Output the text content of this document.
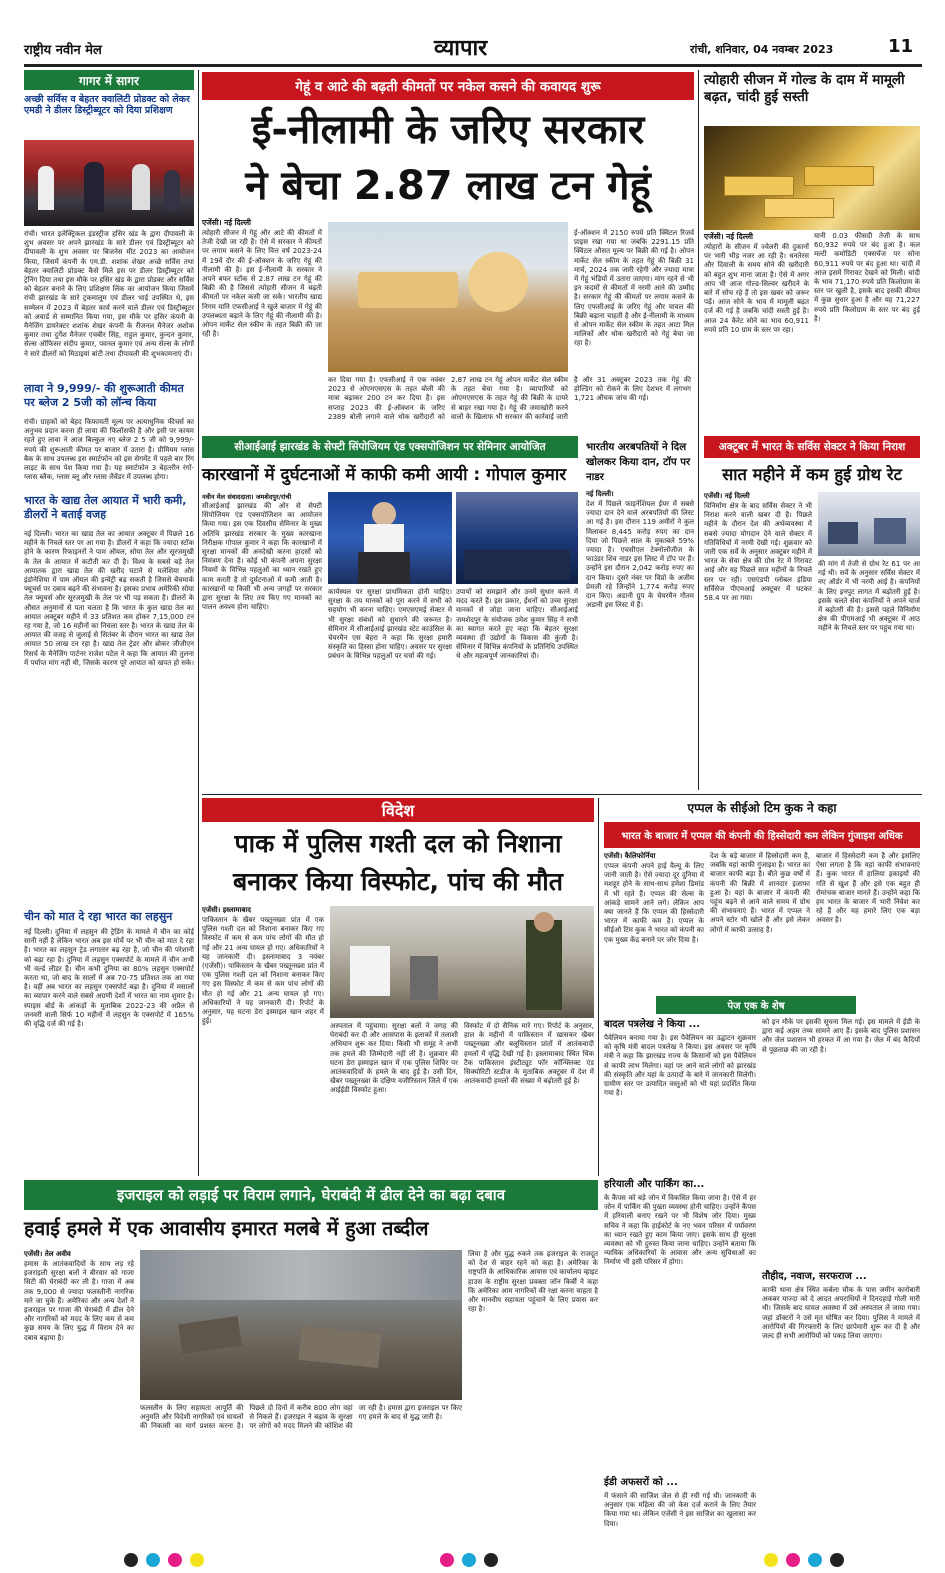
राष्ट्रीय नवीन मेल	व्यापार	रांची, शनिवार, 04 नवम्बर 2023	11
गागर में सागर
अच्छी सर्विस व बेहतर क्वालिटी प्रोडक्ट को लेकर एमडी ने डीलर डिस्ट्रीब्यूटर को दिया प्रशिक्षण
रांची। भारत इलेक्ट्रिकल इंडस्ट्रीज हसिर खंड के द्वारा दीपावली के शुभ अवसर पर अपने झारखंड के सारे डीलर एवं डिस्ट्रीब्यूटर को दीपावली के शुभ अवसर पर बिजनेस मीट 2023 का आयोजन किया, जिसमें कंपनी के एम.डी. शशांक शेखर अच्छे सर्विस तथा बेहतर क्वालिटी प्रोडक्ट कैसे मिले इस पर डीलर डिस्ट्रीब्यूटर को ट्रेनिंग दिया तथा इस मौके पर हसिर खंड के द्वारा प्रोडक्ट और सर्विस को बेहतर बनाने के लिए प्रशिक्षण लिंक का आयोजन किया जिसमें रांची झारखंड के सारे ट्रकमालूम एवं डीलर भाई उपस्थित थे, इस सम्मेलन में 2023 में बेहतर कार्य करने वाले डीलर एवं डिस्ट्रीब्यूटर को अवार्ड से सम्मानित किया गया, इस मौके पर हसिर कंपनी के मैनेजिंग डायरेक्टर शशांक शेखर कंपनी के रीजनल मैनेजर अशोक कुमार तथा दुर्गेश मैनेजर एचबीर सिंह, राहुल कुमार, कुन्दन कुमार, सेल्स ऑफिसर संदीप कुमार, पवनल कुमार एवं अन्य सेल्स के लोगों ने सारे डीलरों को मिठाइयां बांटी तथा दीपावली की शुभकामनाएं दी।
लावा ने 9,999/- की शुरूआती कीमत पर ब्लेज 2 5जी को लॉन्च किया
रांची। ग्राहकों को बेहद किफायती मूल्य पर अत्याधुनिक फीचर्स का अनुभव प्रदान करना ही लावा की फिलॉसफी है और इसी पर कायम रहते हुए लावा ने आज बिल्कुल नए ब्लेज 2 5 जी को 9,999/- रुपये की शुरूआती कीमत पर बाजार में उतारा है। प्रीमियम ग्लास बैक के साथ उपलब्ध इस स्मार्टफोन को इस सेगमेंट में पहले बार रिंग लाइट के साथ पेश किया गया है। यह स्मार्टफोन 3 बेहतरीन रंगों- ग्लास ब्लैक, ग्लास ब्लू और ग्लास लैवेंडर में उपलब्ध होगा।
भारत के खाद्य तेल आयात में भारी कमी, डीलरों ने बताई वजह
नई दिल्ली। भारत का खाद्य तेल का आयात अक्टूबर में पिछले 16 महीने के निचले स्तर पर आ गया है। डीलरों ने कहा कि ज्यादा स्टॉक होने के कारण रिफाइनरों ने पाम ऑयल, सोया तेल और सूरजमुखी के तेल के आयात में कटौती कर दी है। विश्व के सबसे बड़े तेल आयातक द्वारा खाद्य तेल की खरीद घटाने से मलेशिया और इंडोनेशिया में पाम ऑयल की इन्वेंट्री बढ़ सकती है जिससे बेंचमार्क फ्यूचर्स पर दबाव बढ़ने की संभावना है। इसका प्रभाव अमेरिकी सोया तेल फ्यूचर्स और सूरजमुखी के तेल पर भी पड़ सकता है। डीलरों के औसत अनुमानों से पता चलता है कि भारत के कुल खाद्य तेल का आयात अक्टूबर महीने में 33 प्रतिशत कम होकर 7,15,000 टन रह गया है, जो 16 महीनों का निचला स्तर है। भारत के खाद्य तेल के आयात की वजह से जुलाई से सितंबर के दौरान भारत का खाद्य तेल आयात 50 लाख टन रहा है। खाद्य तेल ट्रेडर और ब्रोकर जीजीएन रिसर्च के मैनेजिंग पार्टनर राजेश पटेल ने कहा कि आयात की तुलना में पर्याप्त मांग नहीं थी, जिसके कारण पूरे आयात को खपत हो सके।
चीन को मात दे रहा भारत का लहसुन
नई दिल्ली। दुनिया में लहसुन की ट्रेडिंग के मामले में चीन का कोई सानी नहीं है लेकिन भारत अब इस मोर्चे पर भी चीन को मात दे रहा है। भारत का लहसुन ट्रेड लगातार बढ़ रहा है, जो चीन की परेशानी को बढ़ा रहा है। दुनिया में लहसुन एक्सपोर्ट के मामले में चीन अभी भी वर्ल्ड लीडर है। चीन कभी दुनिया का 80% लहसुन एक्सपोर्ट करता था, जो बाद के सालों में अब 70-75 प्रतिशत तक आ गया है। वहीं अब भारत का लहसुन एक्सपोर्ट बढ़ा है। दुनिया में मसालों का व्यापार करने वाले सबसे अग्रणी देशों में भारत का नाम शुमार है। स्पाइस बोर्ड के आंकड़ों के मुताबिक 2022-23 की अप्रैल से जनवरी वाली सिर्फ 10 महीनों में लहसुन के एक्सपोर्ट में 165% की वृद्धि दर्ज की गई है।
गेहूं व आटे की बढ़ती कीमतों पर नकेल कसने की कवायद शुरू
ई-नीलामी के जरिए सरकार
ने बेचा 2.87 लाख टन गेहूं
एजेंसी। नई दिल्ली
त्योहारी सीजन में गेहूं और आटे की कीमतों में तेजी देखी जा रही है। ऐसे में सरकार ने कीमतों पर लगाम कसने के लिए वित्त वर्ष 2023-24 में 19वें दौर की ई-ऑक्शन के जरिए गेहूं की नीलामी की है। इस ई-नीलामी के सरकार ने अपने बफर स्टॉक से 2.87 लाख टन गेहूं की बिक्री की है जिससे त्योहारी सीजन में बढ़ती कीमतों पर नकेल कसी जा सके। भारतीय खाद्य निगम यानि एफसीआई ने खुले बाजार में गेहूं की उपलब्धता बढ़ाने के लिए गेहूं की नीलामी की है। ओपन मार्केट सेल स्कीम के तहत बिक्री की जा रही है।
कर दिया गया है। एफसीआई ने एक नवंबर 2023 से ओएमएसएस के तहत बोली की मात्रा बढ़ाकर 200 टन कर दिया है। इस सप्ताह 2023 की ई-ऑक्शन के जरिए 2389 बोली लगाने वाले थोक खरीदारों को 2.87 लाख टन गेहूं ओपन मार्केट सेल स्कीम के तहत बेचा गया है। व्यापारियों को ओएमएसएस के तहत गेहूं की बिक्री के दायरे से बाहर रखा गया है। गेहूं की जमाखोरी करने वालों के खिलाफ भी सरकार की कार्रवाई जारी है और 31 अक्टूबर 2023 तक गेहूं की होल्डिंग को रोकने के लिए देशभर में लगभग 1,721 औचक जांच की गई।
ई-ऑक्शन में 2150 रुपये प्रति क्विंटल रिजर्व प्राइस रखा गया था जबकि 2291.15 प्रति क्विंटल औसत मूल्य पर बिक्री की गई है। ओपन मार्केट सेल स्कीम के तहत गेहूं की बिक्री 31 मार्च, 2024 तक जारी रहेगी और ज्यादा मात्रा में गेहूं भंडियों में उतारा जाएगा। मांग रहने से भी इन कदमों से कीमतों में नरमी आने की उम्मीद है। सरकार गेहूं की कीमतों पर लगाम कसने के लिए एफसीआई के जरिए गेहूं और चावल की बिक्री बढ़ाना चाहती है और ई-नीलामी के माध्यम से ओपन मार्केट सेल स्कीम के तहत आटा मिल मालिकों और थोक खरीदारों को गेहूं बेचा जा रहा है।
त्योहारी सीजन में गोल्ड के दाम में मामूली बढ़त, चांदी हुई सस्ती
एजेंसी। नई दिल्ली
त्योहारों के सीजन में ज्वेलरी की दुकानों पर भारी भीड़ नजर आ रही है। धनतेरस और दिवाली के समय सोने की खरीदारी को बहुत शुभ माना जाता है। ऐसे में अगर आप भी आज गोल्ड-सिल्वर खरीदने के बारे में सोच रहे हैं तो इस खबर को जरूर पढ़ें। आज सोने के भाव में मामूली बढ़त दर्ज की गई है जबकि चांदी सस्ती हुई है। आज 24 कैरेट सोने का भाव 60,911 रुपये प्रति 10 ग्राम के स्तर पर रहा।
यानी 0.03 फीसदी तेजी के साथ 60,932 रुपये पर बंद हुआ है। कल मल्टी कमोडिटी एक्सचेंज पर सोना 60,911 रुपये पर बंद हुआ था। चांदी में आज इसमें गिरावट देखने को मिली। चांदी के भाव 71,170 रुपये प्रति किलोग्राम के स्तर पर खुली है, इसके बाद इसकी कीमत में कुछ सुधार हुआ है और यह 71,227 रुपये प्रति किलोग्राम के स्तर पर बंद हुई है।
सीआईआई झारखंड के सेफ्टी सिंपोजियम एंड एक्सपोजिशन पर सेमिनार आयोजित
कारखानों में दुर्घटनाओं में काफी कमी आयी : गोपाल कुमार
नवीन मेल संवाददाता। जमशेदपुर/रांची
सीआईआई झारखंड की ओर से सेफ्टी सिंपोजियम एंड एक्सपोजिशन का आयोजन किया गया। इस एक दिवसीय सेमिनार के मुख्य अतिथि झारखंड सरकार के मुख्य कारखाना निरीक्षक गोपाल कुमार ने कहा कि कारखानों में सुरक्षा मानकों की अनदेखी करना हादसों को निमंत्रण देना है। कोई भी कंपनी अपना सुरक्षा नियमों के विभिन्न पहलुओं का ध्यान रखते हुए काम करती है तो दुर्घटनाओं में कमी आती है। कारखानों या किसी भी अन्य जगहों पर सरकार द्वारा सुरक्षा के लिए तय किए गए मानकों का पालन अवश्य होना चाहिए।
कार्यस्थल पर सुरक्षा प्राथमिकता होनी चाहिए। सुरक्षा के तय मानकों को पूरा करने में सभी को सहयोग भी करना चाहिए। एमएसएमई सेक्टर में भी सुरक्षा संबंधों को सुधारने की जरूरत है। सेमिनार में सीआईआई झारखंड स्टेट काउंसिल के चेयरमैन एस बेहरा ने कहा कि सुरक्षा हमारी संस्कृति का हिस्सा होना चाहिए। अवसर पर सुरक्षा प्रबंधन के विभिन्न पहलुओं पर चर्चा की गई।
उपायों को समझाने और उनमें सुधार करने में मदद करते हैं। इस प्रकार, ईंधनों को उच्च सुरक्षा मानकों से जोड़ा जाना चाहिए। सीआईआई जमशेदपुर के संयोजक उमेश कुमार सिंह ने सभी का स्वागत करते हुए कहा कि बेहतर सुरक्षा व्यवस्था ही उद्योगों के विकास की कुंजी है। सेमिनार में विभिन्न कंपनियों के प्रतिनिधि उपस्थित थे और महत्वपूर्ण जानकारियां दी।
भारतीय अरबपतियों ने दिल खोलकर किया दान, टॉप पर नाडर
नई दिल्ली।
देश में पिछले फाइनेंशियल ईयर में सबसे ज्यादा दान देने वाले अरबपतियों की लिस्ट आ गई है। इस दौरान 119 अमीरों ने कुल मिलाकर 8,445 करोड़ रुपए का दान दिया जो पिछले साल के मुकाबले 59% ज्यादा है। एचसीएल टेक्नोलॉजीज के फाउंडर शिव नाडर इस लिस्ट में टॉप पर हैं। उन्होंने इस दौरान 2,042 करोड़ रुपए का दान किया। दूसरे नंबर पर विप्रो के अजीम प्रेमजी रहे जिन्होंने 1,774 करोड़ रुपए दान किए। अडानी ग्रुप के चेयरमैन गौतम अडानी इस लिस्ट में हैं।
अक्टूबर में भारत के सर्विस सेक्टर ने किया निराश
सात महीने में कम हुई ग्रोथ रेट
एजेंसी। नई दिल्ली
विनिर्माण क्षेत्र के बाद सर्विस सेक्टर ने भी निराश करने वाली खबर दी है। पिछले महीने के दौरान देश की अर्थव्यवस्था में सबसे ज्यादा योगदान देने वाले सेक्टर में गतिविधियों में नरमी देखी गई। शुक्रवार को जारी एक सर्वे के अनुसार अक्टूबर महीने में भारत के सेवा क्षेत्र की ग्रोथ रेट में गिरावट आई और यह पिछले सात महीनों के निचले स्तर पर रही। एसएंडपी ग्लोबल इंडिया सर्विसेज पीएमआई अक्टूबर में घटकर 58.4 पर आ गया।
की मांग में तेजी से ग्रोथ रेट 61 पर आ गई थी। सर्वे के अनुसार सर्विस सेक्टर में नए ऑर्डर में भी नरमी आई है। कंपनियों के लिए इनपुट लागत में बढ़ोतरी हुई है। इसके चलते सेवा कंपनियों ने अपने चार्ज में बढ़ोतरी की है। इससे पहले विनिर्माण क्षेत्र की पीएमआई भी अक्टूबर में आठ महीने के निचले स्तर पर पहुंच गया था।
विदेश
पाक में पुलिस गश्ती दल को निशाना
बनाकर किया विस्फोट, पांच की मौत
एजेंसी। इस्लामाबाद
पाकिस्तान के खैबर पख्तूनख्वा प्रांत में एक पुलिस गश्ती दल को निशाना बनाकर किए गए विस्फोट में कम से कम पांच लोगों की मौत हो गई और 21 अन्य घायल हो गए। अधिकारियों ने यह जानकारी दी। इस्लामाबाद 3 नवंबर (एजेंसी)। पाकिस्तान के खैबर पख्तूनख्वा प्रांत में एक पुलिस गश्ती दल को निशाना बनाकर किए गए इस विस्फोट में कम से कम पांच लोगों की मौत हो गई और 21 अन्य घायल हो गए। अधिकारियों ने यह जानकारी दी। रिपोर्ट के अनुसार, यह घटना डेरा इस्माइल खान शहर में हुई।
अस्पताल में पहुंचाया। सुरक्षा बलों ने जगह की घेराबंदी कर दी और आसपास के इलाकों में तलाशी अभियान शुरू कर दिया। किसी भी समूह ने अभी तक हमले की जिम्मेदारी नहीं ली है। शुक्रवार की घटना डेरा इस्माइल खान में एक पुलिस शिविर पर आतंकवादियों के हमले के बाद हुई है। उसी दिन, खैबर पख्तूनख्वा के दक्षिण वजीरिस्तान जिले में एक आईईडी विस्फोट हुआ।
विस्फोट में दो सैनिक मारे गए। रिपोर्ट के अनुसार, हाल के महीनों में पाकिस्तान में खासकर खैबर पख्तूनख्वा और बलूचिस्तान प्रांतों में आतंकवादी हमलों में वृद्धि देखी गई है। इस्लामाबाद स्थित थिंक टैंक पाकिस्तान इंस्टीट्यूट फॉर कॉन्फ्लिक्ट एंड सिक्योरिटी स्टडीज के मुताबिक अक्टूबर में देश में आतंकवादी हमलों की संख्या में बढ़ोतरी हुई है।
एप्पल के सीईओ टिम कुक ने कहा
भारत के बाजार में एप्पल की कंपनी की हिस्सेदारी कम लेकिन गुंजाइश अधिक
एजेंसी। कैलिफोर्निया
एप्पल कंपनी अपने हाई वैल्यू के लिए जानी जाती है। ऐसे ज्यादा दूर दुनिया में मशहूर होने के साथ-साथ हमेशा डिमांड में भी रहते हैं। एप्पल की सेल्स के आंकड़े सामने आने लगे। लेकिन आप क्या जानते हैं कि एप्पल की हिस्सेदारी भारत में काफी कम है। एप्पल के सीईओ टिम कुक ने भारत को कंपनी का एक मुख्य केंद्र बनाने पर जोर दिया है।
देश के बड़े बाजार में हिस्सेदारी कम है, जबकि यहां काफी गुंजाइश है। भारत का बाजार काफी बड़ा है। बीते कुछ वर्षों में कंपनी की बिक्री में शानदार इजाफा हुआ है। यहां के बाजार में कंपनी की पहुंच बढ़ने से आने वाले समय में ग्रोथ की संभावनाएं हैं। भारत में एप्पल ने अपने स्टोर भी खोले हैं और इसे लेकर लोगों में काफी उत्साह है।
बाजार में हिस्सेदारी कम है और इसलिए ऐसा लगता है कि यहां काफी संभावनाएं हैं। कुक भारत में हालिया इकाइयों की गति से खुश हैं और इसे एक बहुत ही रोमांचक बाजार मानते हैं। उन्होंने कहा कि हम भारत के बाजार में भारी निवेश कर रहे हैं और यह हमारे लिए एक बड़ा अवसर है।
पेज एक के शेष
बादल पत्रलेख ने किया ...
पैवेलियन बनाया गया है। इस पैवेलियन का उद्घाटन शुक्रवार को कृषि मंत्री बादल पत्रलेख ने किया। इस अवसर पर कृषि मंत्री ने कहा कि झारखंड राज्य के किसानों को इस पैवेलियन से काफी लाभ मिलेगा। वहां पर आने वाले लोगों को झारखंड की संस्कृति और यहां के उत्पादों के बारे में जानकारी मिलेगी। ग्रामीण स्तर पर उत्पादित वस्तुओं को भी यहां प्रदर्शित किया गया है।
को इन मौके पर इसकी सूचना मिल गई। इस मामले में ईडी के द्वारा कई अहम तथ्य सामने आए हैं। इसके बाद पुलिस प्रशासन और जेल प्रशासन भी हरकत में आ गया है। जेल में बंद कैदियों से पूछताछ की जा रही है।
इजराइल को लड़ाई पर विराम लगाने, घेराबंदी में ढील देने का बढ़ा दबाव
हवाई हमले में एक आवासीय इमारत मलबे में हुआ तब्दील
एजेंसी। तेल अवीव
हमास के आतंकवादियों के साथ लड़ रहे इजराइली सुरक्षा बलों ने बीरवार को गाजा सिटी की घेराबंदी कर ली है। गाजा में अब तक 9,000 से ज्यादा फलस्तीनी नागरिक मारे जा चुके हैं। अमेरिका और अन्य देशों ने इजराइल पर गाजा की घेराबंदी में ढील देने और नागरिकों को मदद के लिए कम से कम कुछ समय के लिए युद्ध में विराम देने का दबाव बढ़ाया है।
फलस्तीन के लिए सहायता आपूर्ति की अनुमति और विदेशी नागरिकों एवं घायलों की निकासी का मार्ग प्रशस्त करना है। पिछले दो दिनों में करीब 800 लोग वहां से निकले हैं। इजराइल ने बढ़ाव के सुरक्षा पर लोगों को मदद मिलने की कोशिश की जा रही है। हमास द्वारा इजराइल पर किए गए हमले के बाद से युद्ध जारी है।
लिया है और युद्ध रुकने तक इजराइल के राजदूत को देश से बाहर रहने को कहा है। अमेरिका के राष्ट्रपति के आधिकारिक आवास एवं कार्यालय व्हाइट हाउस के राष्ट्रीय सुरक्षा प्रवक्ता जॉन किर्बी ने कहा कि अमेरिका आम नागरिकों की रक्षा करना चाहता है और मानवीय सहायता पहुंचाने के लिए प्रयास कर रहा है।
हरियाली और पार्किंग का...
के कैंपस को बड़े जोन में विकसित किया जाना है। ऐसे में हर जोन में पार्किंग की पुख्ता व्यवस्था होनी चाहिए। उन्होंने कैंपस में हरियाली बनाए रखने पर भी विशेष जोर दिया। मुख्य सचिव ने कहा कि हाईकोर्ट के नए भवन परिसर में पर्यावरण का ध्यान रखते हुए काम किया जाए। इसके साथ ही सुरक्षा व्यवस्था को भी दुरुस्त किया जाना चाहिए। उन्होंने बताया कि न्यायिक अधिकारियों के आवास और अन्य सुविधाओं का निर्माण भी इसी परिसर में होगा।
ईडी अफसरों को ...
में फंसाने की साजिश जेल से ही रची गई थी। जानकारी के अनुसार एक महिला की जो केस दर्ज कराने के लिए तैयार किया गया था। लेकिन एजेंसी ने इस साजिश का खुलासा कर दिया।
तौहीद, नवाज, सरफराज ...
काफी थाना क्षेत्र स्थित कर्बला चौक के पास जमीन कारोबारी अकबर याज्दा को दे आदत अपराधियों ने दिनदहाड़े गोली मारी थी। जिसके बाद घायल अवस्था में उसे अस्पताल ले जाया गया। जहां डॉक्टरों ने उसे मृत घोषित कर दिया। पुलिस ने मामले में आरोपियों की गिरफ्तारी के लिए छापेमारी शुरू कर दी है और जल्द ही सभी आरोपियों को पकड़ लिया जाएगा।
